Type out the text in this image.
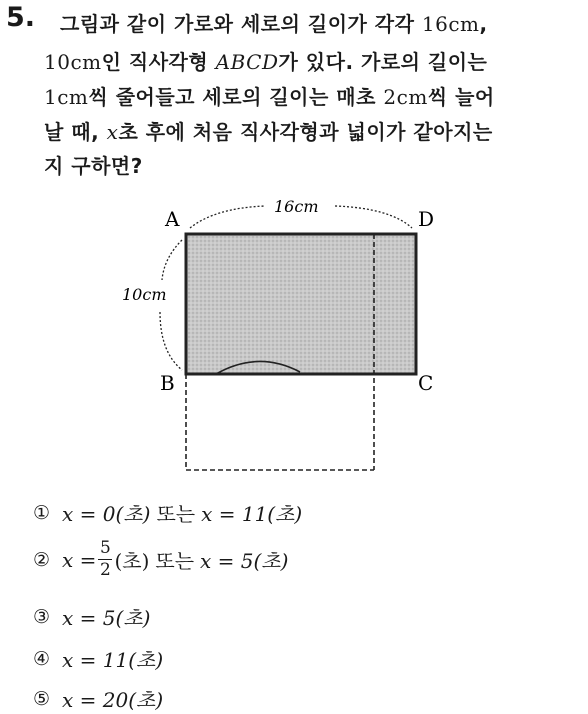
5. 그림과 같이 가로와 세로의 길이가 각각 16cm,
10cm인 직사각형 ABCD가 있다. 가로의 길이는
1cm씩 줄어들고 세로의 길이는 매초 2cm씩 늘어
날 때, x초 후에 처음 직사각형과 넓이가 같아지는
지 구하면?
A	D
B	C
16cm
10cm
① x = 0(초) 또는 x = 11(초)
② $x = \frac{5}{2}$ (초) 또는 x = 5(초)
③ x = 5(초)
④ x = 11(초)
⑤ x = 20(초)
